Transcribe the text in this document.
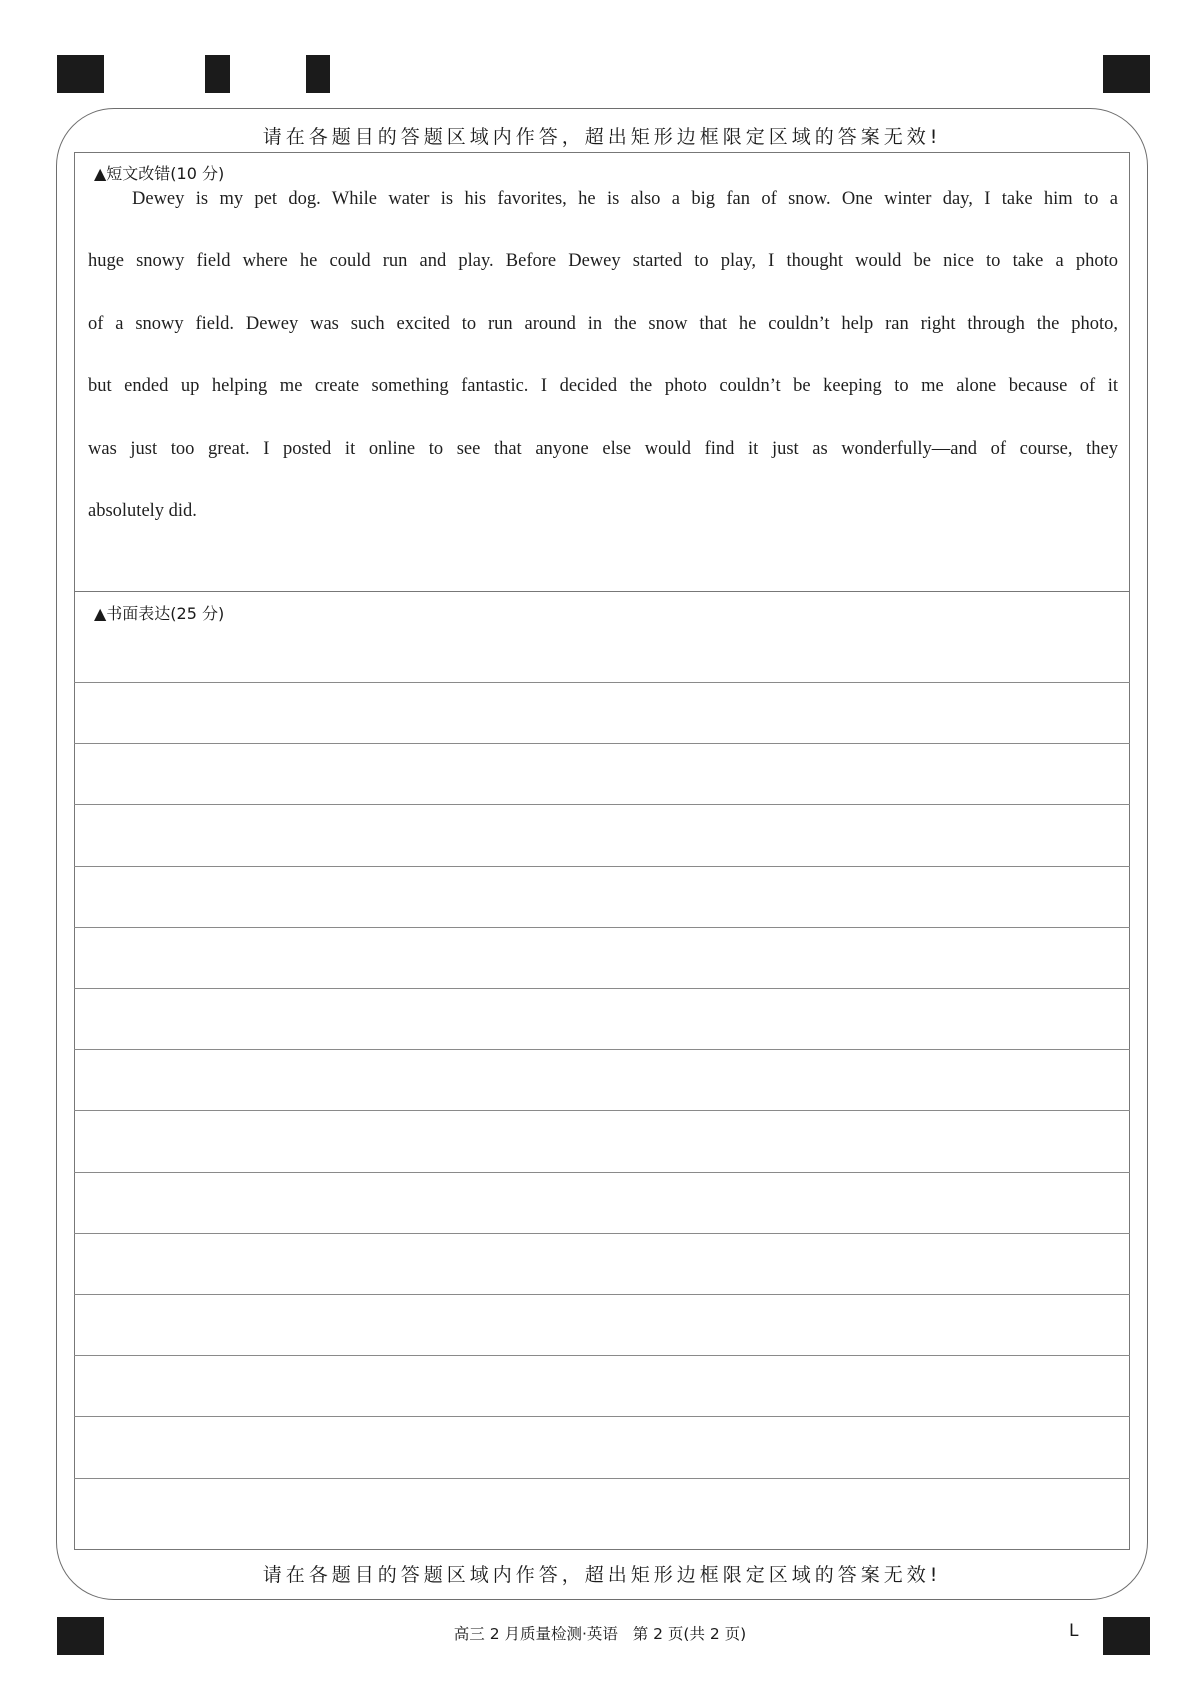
请在各题目的答题区域内作答，超出矩形边框限定区域的答案无效!
请在各题目的答题区域内作答，超出矩形边框限定区域的答案无效!
▲短文改错(10 分)
Dewey is my pet dog. While water is his favorites, he is also a big fan of snow. One winter day, I take him to a
huge snowy field where he could run and play. Before Dewey started to play, I thought would be nice to take a photo
of a snowy field. Dewey was such excited to run around in the snow that he couldn’t help ran right through the photo,
but ended up helping me create something fantastic. I decided the photo couldn’t be keeping to me alone because of it
was just too great. I posted it online to see that anyone else would find it just as wonderfully—and of course, they
absolutely did.
▲书面表达(25 分)
高三 2 月质量检测·英语   第 2 页(共 2 页)	L
